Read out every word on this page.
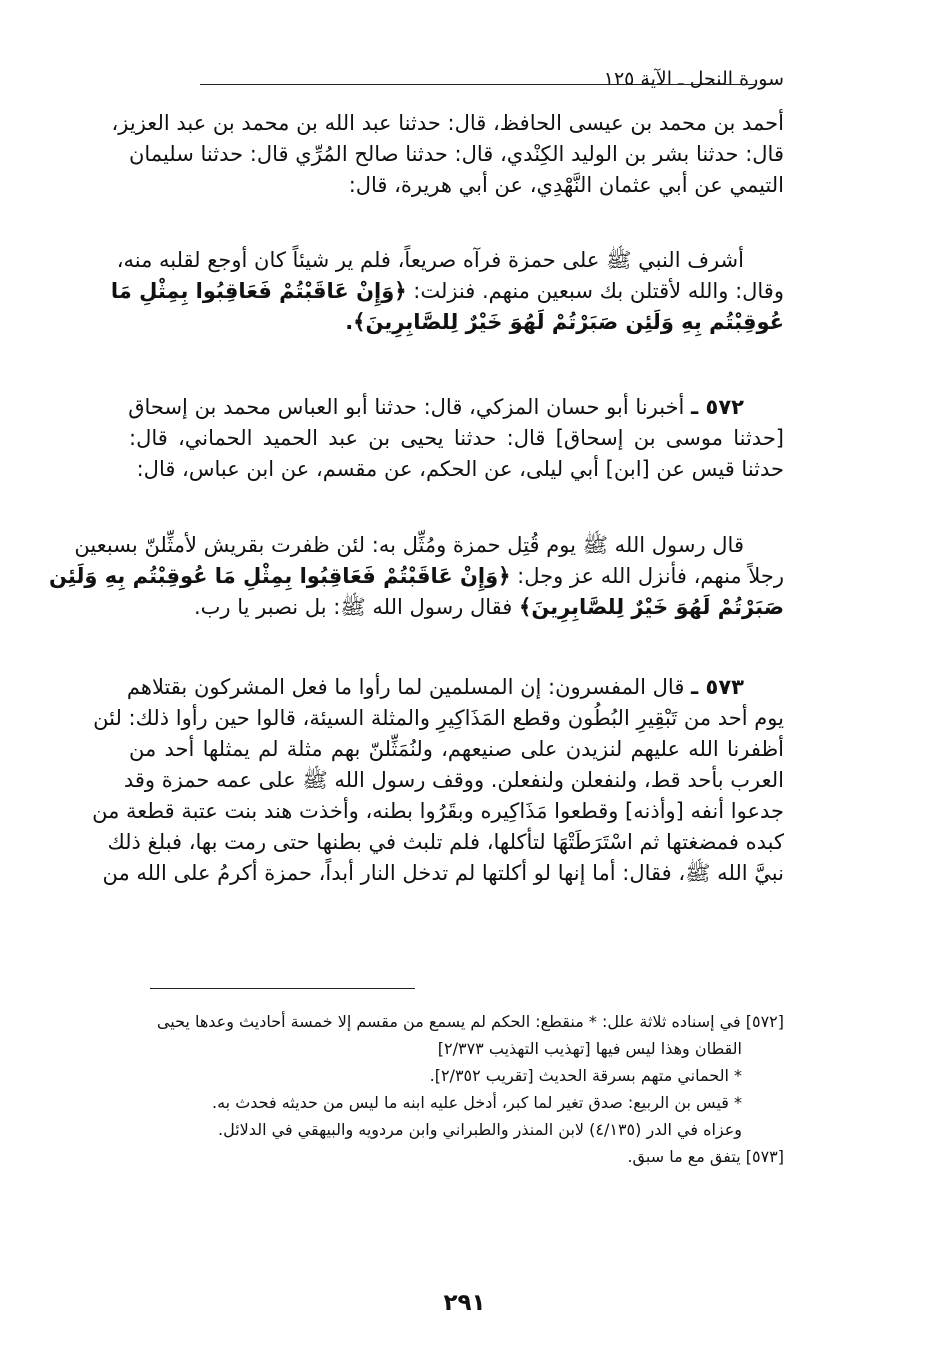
سورة النحل ـ الآية ١٢٥
أحمد بن محمد بن عيسى الحافظ، قال: حدثنا عبد الله بن محمد بن عبد العزيز،
قال: حدثنا بشر بن الوليد الكِنْدي، قال: حدثنا صالح المُرِّي قال: حدثنا سليمان
التيمي عن أبي عثمان النَّهْدِي، عن أبي هريرة، قال:
أشرف النبي ﷺ على حمزة فرآه صريعاً، فلم ير شيئاً كان أوجع لقلبه منه،
وقال: والله لأقتلن بك سبعين منهم. فنزلت: ﴿وَإِنْ عَاقَبْتُمْ فَعَاقِبُوا بِمِثْلِ مَا
عُوقِبْتُم بِهِ وَلَئِن صَبَرْتُمْ لَهُوَ خَيْرٌ لِلصَّابِرِينَ﴾.
٥٧٢ ـ أخبرنا أبو حسان المزكي، قال: حدثنا أبو العباس محمد بن إسحاق
[حدثنا موسى بن إسحاق] قال: حدثنا يحيى بن عبد الحميد الحماني، قال:
حدثنا قيس عن [ابن] أبي ليلى، عن الحكم، عن مقسم، عن ابن عباس، قال:
قال رسول الله ﷺ يوم قُتِل حمزة ومُثِّل به: لئن ظفرت بقريش لأمثِّلنّ بسبعين
رجلاً منهم، فأنزل الله عز وجل: ﴿وَإِنْ عَاقَبْتُمْ فَعَاقِبُوا بِمِثْلِ مَا عُوقِبْتُم بِهِ وَلَئِن
صَبَرْتُمْ لَهُوَ خَيْرٌ لِلصَّابِرِينَ﴾ فقال رسول الله ﷺ: بل نصبر يا رب.
٥٧٣ ـ قال المفسرون: إن المسلمين لما رأوا ما فعل المشركون بقتلاهم
يوم أحد من تَبْقِيرِ البُطُون وقطع المَذَاكِيرِ والمثلة السيئة، قالوا حين رأوا ذلك: لئن
أظفرنا الله عليهم لنزيدن على صنيعهم، ولنُمَثِّلنّ بهم مثلة لم يمثلها أحد من
العرب بأحد قط، ولنفعلن ولنفعلن. ووقف رسول الله ﷺ على عمه حمزة وقد
جدعوا أنفه [وأذنه] وقطعوا مَذَاكِيره وبقَرُوا بطنه، وأخذت هند بنت عتبة قطعة من
كبده فمضغتها ثم اسْتَرَطَتْهَا لتأكلها، فلم تلبث في بطنها حتى رمت بها، فبلغ ذلك
نبيَّ الله ﷺ، فقال: أما إنها لو أكلتها لم تدخل النار أبداً، حمزة أكرمُ على الله من
[٥٧٢] في إسناده ثلاثة علل: * منقطع: الحكم لم يسمع من مقسم إلا خمسة أحاديث وعدها يحيى
القطان وهذا ليس فيها [تهذيب التهذيب ٢/٣٧٣]
* الحماني متهم بسرقة الحديث [تقريب ٢/٣٥٢].
* قيس بن الربيع: صدق تغير لما كبر، أدخل عليه ابنه ما ليس من حديثه فحدث به.
وعزاه في الدر (٤/١٣٥) لابن المنذر والطبراني وابن مردويه والبيهقي في الدلائل.
[٥٧٣] يتفق مع ما سبق.
٢٩١
